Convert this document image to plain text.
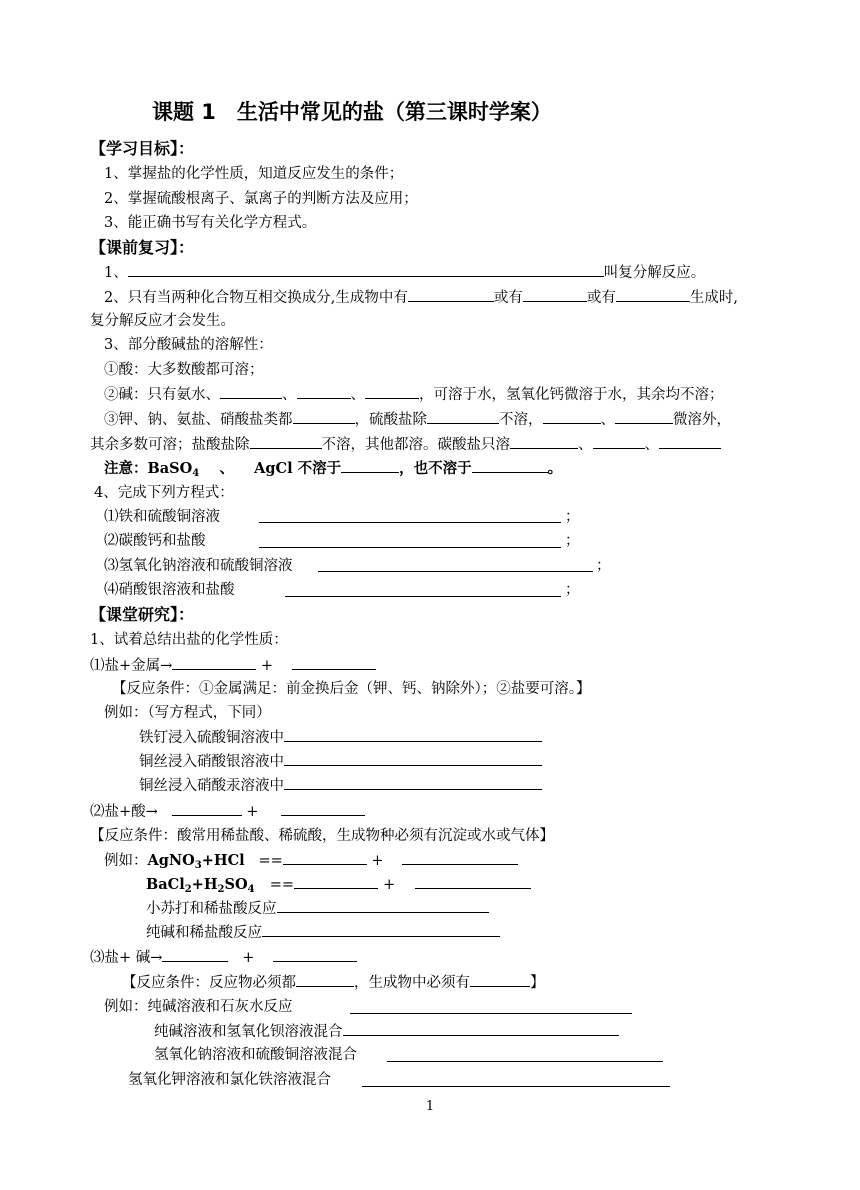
课题 1　生活中常见的盐（第三课时学案）
【学习目标】：
1、掌握盐的化学性质，知道反应发生的条件；
2、掌握硫酸根离子、氯离子的判断方法及应用；
3、能正确书写有关化学方程式。
【课前复习】：
1、	叫复分解反应。
2、只有当两种化合物互相交换成分,生成物中有	或有	或有	生成时,
复分解反应才会发生。
3、部分酸碱盐的溶解性：
①酸：大多数酸都可溶；
②碱：只有氨水、	、	、	，可溶于水，氢氧化钙微溶于水，其余均不溶；
③钾、钠、氨盐、硝酸盐类都	，硫酸盐除	不溶，	、	微溶外，
其余多数可溶；盐酸盐除	不溶，其他都溶。碳酸盐只溶	、	、
注意：BaSO$_4$ 、 AgCl 不溶于	，也不溶于	。
4、完成下列方程式：
⑴铁和硫酸铜溶液	；
⑵碳酸钙和盐酸	；
⑶氢氧化钠溶液和硫酸铜溶液	；
⑷硝酸银溶液和盐酸	；
【课堂研究】：
1、试着总结出盐的化学性质：
⑴盐+金属→	+
【反应条件：①金属满足：前金换后金（钾、钙、钠除外）；②盐要可溶。】
例如：（写方程式，下同）
铁钉浸入硫酸铜溶液中
铜丝浸入硝酸银溶液中
铜丝浸入硝酸汞溶液中
⑵盐+酸→	+
【反应条件：酸常用稀盐酸、稀硫酸，生成物种必须有沉淀或水或气体】
例如：AgNO$_3$+HCl ==	+
$BaCl_2+H_2SO_4$ ==	+
小苏打和稀盐酸反应
纯碱和稀盐酸反应
⑶盐+ 碱→	+
【反应条件：反应物必须都	，生成物中必须有	】
例如：纯碱溶液和石灰水反应
纯碱溶液和氢氧化钡溶液混合
氢氧化钠溶液和硫酸铜溶液混合
氢氧化钾溶液和氯化铁溶液混合
1
